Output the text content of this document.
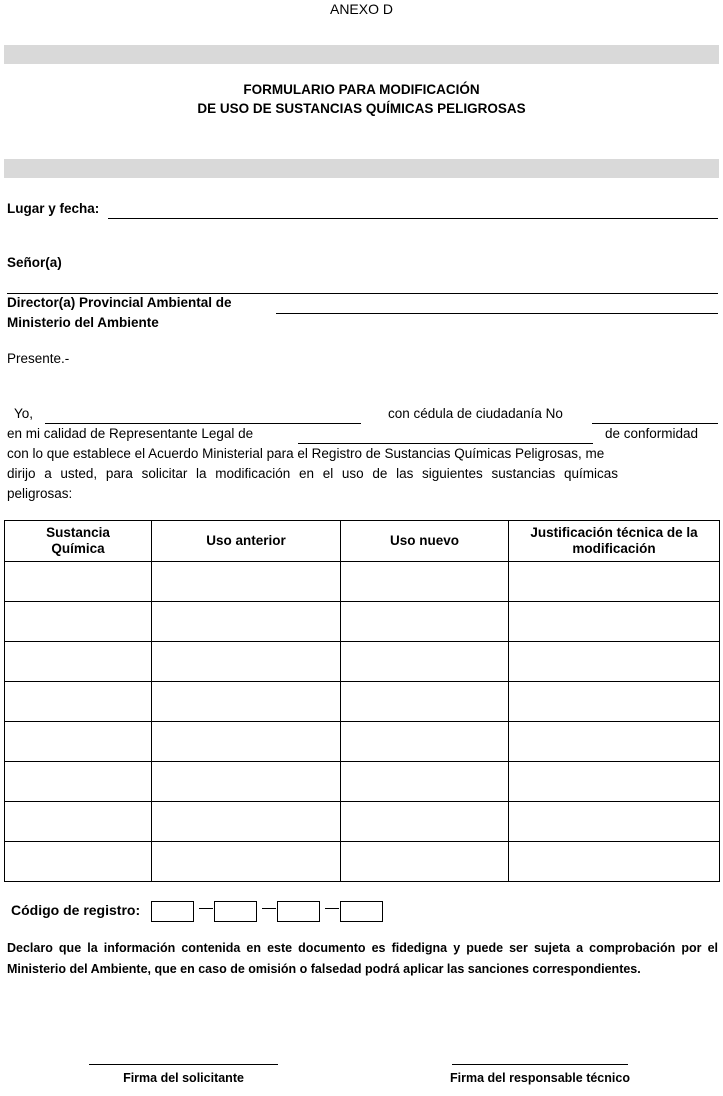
ANEXO D
FORMULARIO PARA MODIFICACIÓN
DE USO DE SUSTANCIAS QUÍMICAS PELIGROSAS
Lugar y fecha:
Señor(a)
Director(a) Provincial Ambiental de
Ministerio del Ambiente
Presente.-
Yo,	con cédula de ciudadanía No
en mi calidad de Representante Legal de	de conformidad
con lo que establece el Acuerdo Ministerial para el Registro de Sustancias Químicas Peligrosas, me
dirijo a usted, para solicitar la modificación en el uso de las siguientes sustancias químicas
peligrosas:
Sustancia Química	Uso anterior	Uso nuevo	Justificación técnica de la modificación

Código de registro:
Declaro que la información contenida en este documento es fidedigna y puede ser sujeta a comprobación por el Ministerio del Ambiente, que en caso de omisión o falsedad podrá aplicar las sanciones correspondientes.
Firma del solicitante	Firma del responsable técnico
